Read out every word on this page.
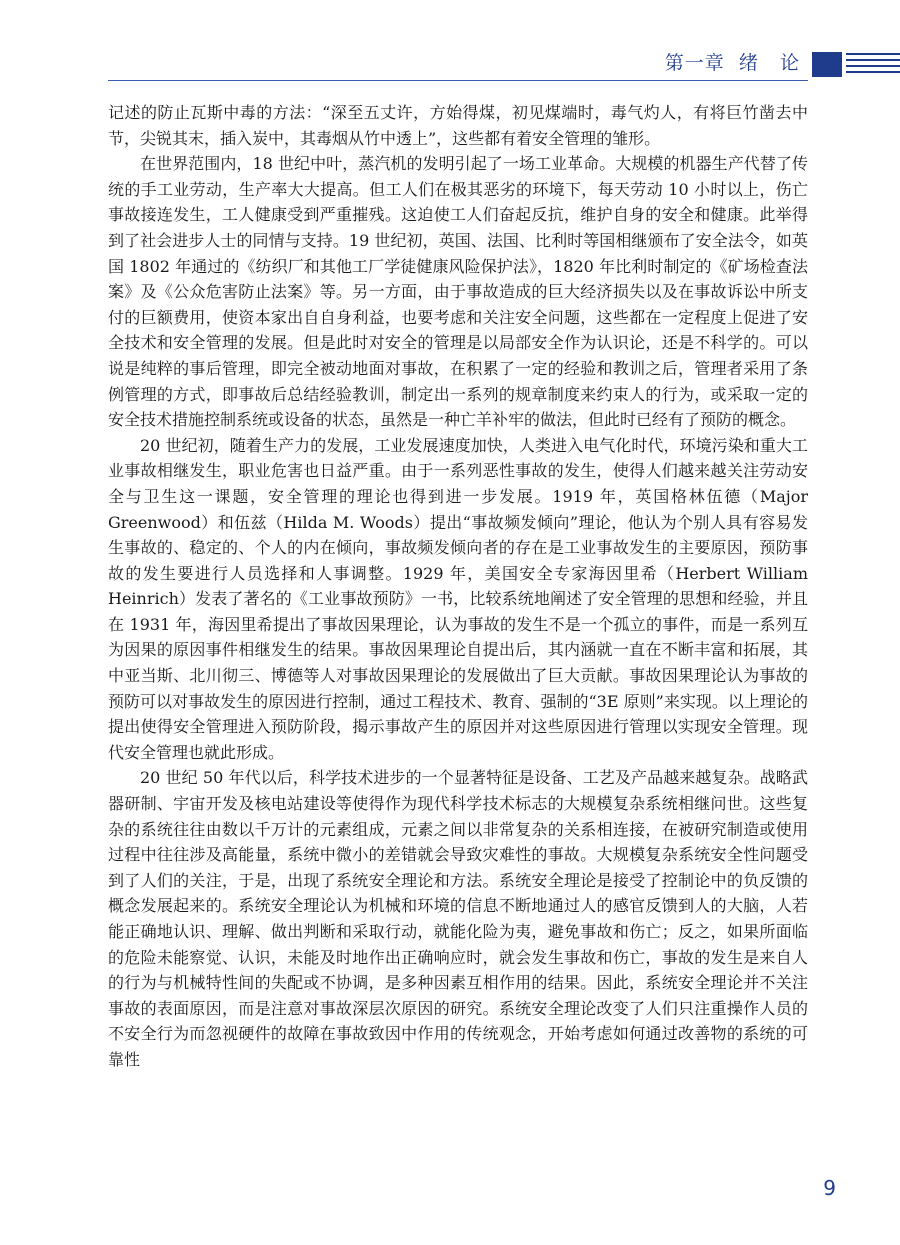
第一章  绪   论

记述的防止瓦斯中毒的方法：“深至五丈许，方始得煤，初见煤端时，毒气灼人，有将巨竹凿去中节，尖锐其末，插入炭中，其毒烟从竹中透上”，这些都有着安全管理的雏形。

在世界范围内，18 世纪中叶，蒸汽机的发明引起了一场工业革命。大规模的机器生产代替了传统的手工业劳动，生产率大大提高。但工人们在极其恶劣的环境下，每天劳动 10 小时以上，伤亡事故接连发生，工人健康受到严重摧残。这迫使工人们奋起反抗，维护自身的安全和健康。此举得到了社会进步人士的同情与支持。19 世纪初，英国、法国、比利时等国相继颁布了安全法令，如英国 1802 年通过的《纺织厂和其他工厂学徒健康风险保护法》，1820 年比利时制定的《矿场检查法案》及《公众危害防止法案》等。另一方面，由于事故造成的巨大经济损失以及在事故诉讼中所支付的巨额费用，使资本家出自自身利益，也要考虑和关注安全问题，这些都在一定程度上促进了安全技术和安全管理的发展。但是此时对安全的管理是以局部安全作为认识论，还是不科学的。可以说是纯粹的事后管理，即完全被动地面对事故，在积累了一定的经验和教训之后，管理者采用了条例管理的方式，即事故后总结经验教训，制定出一系列的规章制度来约束人的行为，或采取一定的安全技术措施控制系统或设备的状态，虽然是一种亡羊补牢的做法，但此时已经有了预防的概念。

20 世纪初，随着生产力的发展，工业发展速度加快，人类进入电气化时代，环境污染和重大工业事故相继发生，职业危害也日益严重。由于一系列恶性事故的发生，使得人们越来越关注劳动安全与卫生这一课题，安全管理的理论也得到进一步发展。1919 年，英国格林伍德（Major Greenwood）和伍兹（Hilda M. Woods）提出“事故频发倾向”理论，他认为个别人具有容易发生事故的、稳定的、个人的内在倾向，事故频发倾向者的存在是工业事故发生的主要原因，预防事故的发生要进行人员选择和人事调整。1929 年，美国安全专家海因里希（Herbert William Heinrich）发表了著名的《工业事故预防》一书，比较系统地阐述了安全管理的思想和经验，并且在 1931 年，海因里希提出了事故因果理论，认为事故的发生不是一个孤立的事件，而是一系列互为因果的原因事件相继发生的结果。事故因果理论自提出后，其内涵就一直在不断丰富和拓展，其中亚当斯、北川彻三、博德等人对事故因果理论的发展做出了巨大贡献。事故因果理论认为事故的预防可以对事故发生的原因进行控制，通过工程技术、教育、强制的“3E 原则”来实现。以上理论的提出使得安全管理进入预防阶段，揭示事故产生的原因并对这些原因进行管理以实现安全管理。现代安全管理也就此形成。

20 世纪 50 年代以后，科学技术进步的一个显著特征是设备、工艺及产品越来越复杂。战略武器研制、宇宙开发及核电站建设等使得作为现代科学技术标志的大规模复杂系统相继问世。这些复杂的系统往往由数以千万计的元素组成，元素之间以非常复杂的关系相连接，在被研究制造或使用过程中往往涉及高能量，系统中微小的差错就会导致灾难性的事故。大规模复杂系统安全性问题受到了人们的关注，于是，出现了系统安全理论和方法。系统安全理论是接受了控制论中的负反馈的概念发展起来的。系统安全理论认为机械和环境的信息不断地通过人的感官反馈到人的大脑，人若能正确地认识、理解、做出判断和采取行动，就能化险为夷，避免事故和伤亡；反之，如果所面临的危险未能察觉、认识，未能及时地作出正确响应时，就会发生事故和伤亡，事故的发生是来自人的行为与机械特性间的失配或不协调，是多种因素互相作用的结果。因此，系统安全理论并不关注事故的表面原因，而是注意对事故深层次原因的研究。系统安全理论改变了人们只注重操作人员的不安全行为而忽视硬件的故障在事故致因中作用的传统观念，开始考虑如何通过改善物的系统的可靠性

9
